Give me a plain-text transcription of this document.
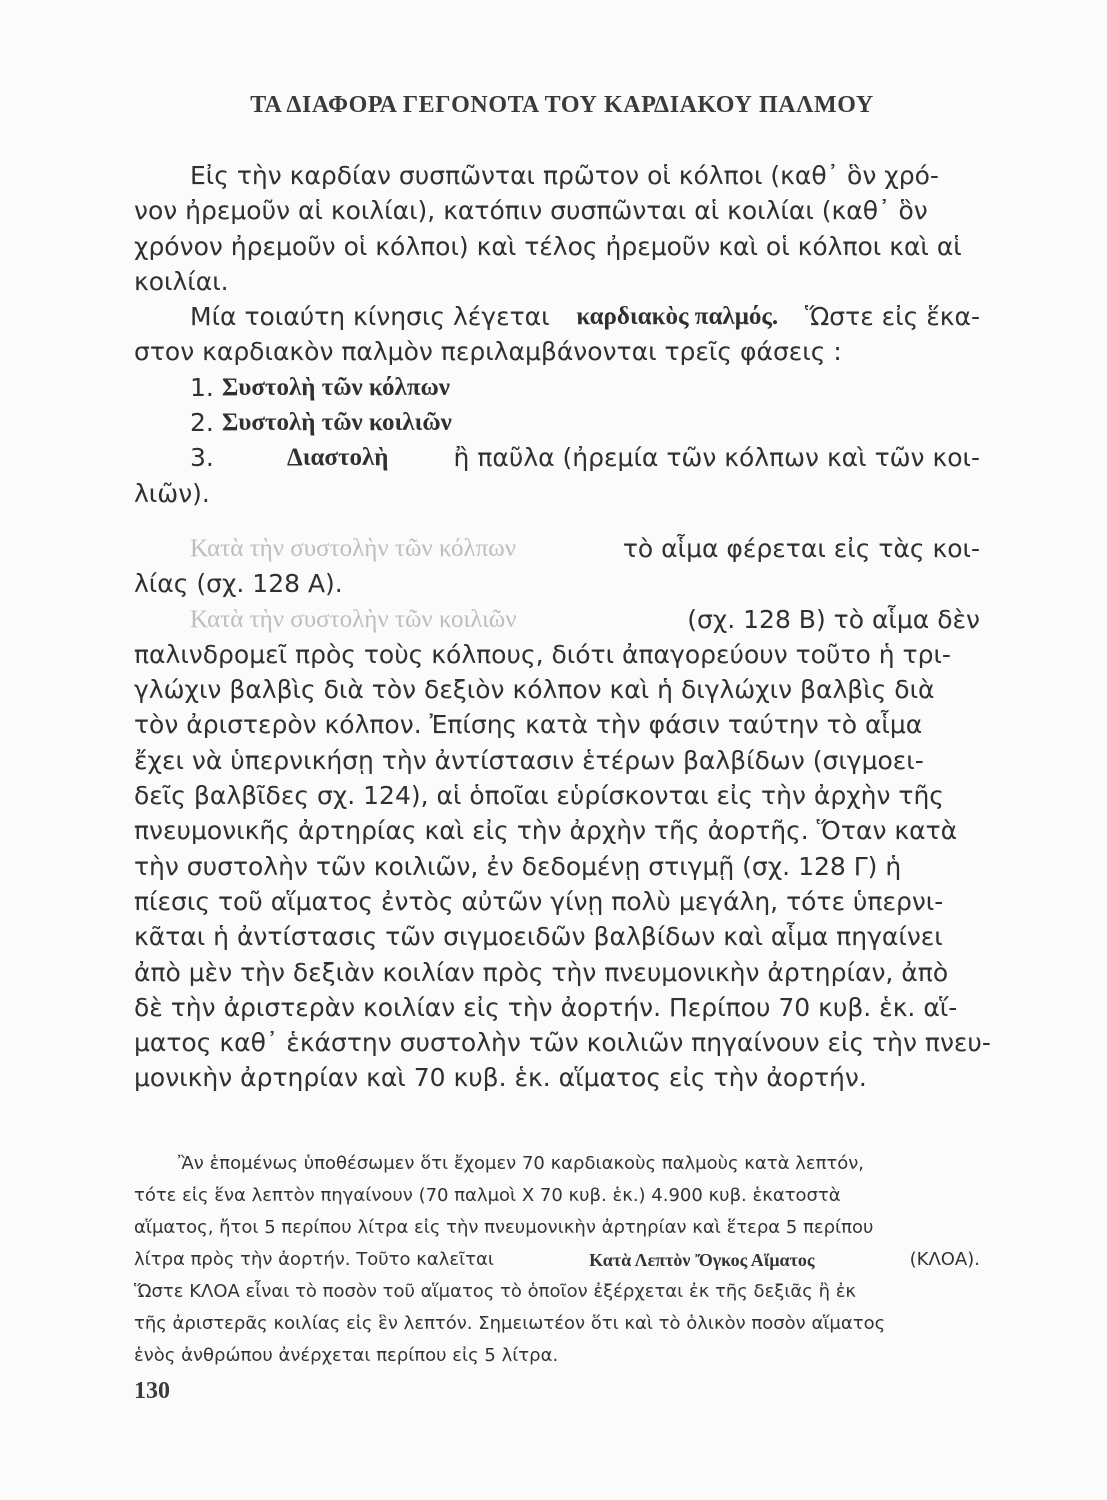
ΤΑ ΔΙΑΦΟΡΑ ΓΕΓΟΝΟΤΑ ΤΟΥ ΚΑΡΔΙΑΚΟΥ ΠΑΛΜΟΥ
Εἰς τὴν καρδίαν συσπῶνται πρῶτον οἱ κόλποι (καθ᾿ ὃν χρό-
νον ἠρεμοῦν αἱ κοιλίαι), κατόπιν συσπῶνται αἱ κοιλίαι (καθ᾿ ὃν
χρόνον ἠρεμοῦν οἱ κόλποι) καὶ τέλος ἠρεμοῦν καὶ οἱ κόλποι καὶ αἱ
κοιλίαι.
Μία τοιαύτη κίνησις λέγεται καρδιακὸς παλμός. Ὥστε εἰς ἕκα-
στον καρδιακὸν παλμὸν περιλαμβάνονται τρεῖς φάσεις :
1. Συστολὴ τῶν κόλπων
2. Συστολὴ τῶν κοιλιῶν
3.	Διαστολὴ	ἢ παῦλα (ἠρεμία τῶν κόλπων καὶ τῶν κοι-
λιῶν).
Κατὰ τὴν συστολὴν τῶν κόλπων	τὸ αἷμα φέρεται εἰς τὰς κοι-
λίας (σχ. 128 Α).
Κατὰ τὴν συστολὴν τῶν κοιλιῶν	(σχ. 128 Β) τὸ αἷμα δὲν
παλινδρομεῖ πρὸς τοὺς κόλπους, διότι ἀπαγορεύουν τοῦτο ἡ τρι-
γλώχιν βαλβὶς διὰ τὸν δεξιὸν κόλπον καὶ ἡ διγλώχιν βαλβὶς διὰ
τὸν ἀριστερὸν κόλπον. Ἐπίσης κατὰ τὴν φάσιν ταύτην τὸ αἷμα
ἔχει νὰ ὑπερνικήσῃ τὴν ἀντίστασιν ἑτέρων βαλβίδων (σιγμοει-
δεῖς βαλβῖδες σχ. 124), αἱ ὁποῖαι εὑρίσκονται εἰς τὴν ἀρχὴν τῆς
πνευμονικῆς ἀρτηρίας καὶ εἰς τὴν ἀρχὴν τῆς ἀορτῆς. Ὅταν κατὰ
τὴν συστολὴν τῶν κοιλιῶν, ἐν δεδομένῃ στιγμῇ (σχ. 128 Γ) ἡ
πίεσις τοῦ αἵματος ἐντὸς αὐτῶν γίνῃ πολὺ μεγάλη, τότε ὑπερνι-
κᾶται ἡ ἀντίστασις τῶν σιγμοειδῶν βαλβίδων καὶ αἷμα πηγαίνει
ἀπὸ μὲν τὴν δεξιὰν κοιλίαν πρὸς τὴν πνευμονικὴν ἀρτηρίαν, ἀπὸ
δὲ τὴν ἀριστερὰν κοιλίαν εἰς τὴν ἀορτήν. Περίπου 70 κυβ. ἑκ. αἵ-
ματος καθ᾿ ἑκάστην συστολὴν τῶν κοιλιῶν πηγαίνουν εἰς τὴν πνευ-
μονικὴν ἀρτηρίαν καὶ 70 κυβ. ἑκ. αἵματος εἰς τὴν ἀορτήν.
Ἂν ἑπομένως ὑποθέσωμεν ὅτι ἔχομεν 70 καρδιακοὺς παλμοὺς κατὰ λεπτόν,
τότε εἰς ἕνα λεπτὸν πηγαίνουν (70 παλμοὶ Χ 70 κυβ. ἑκ.) 4.900 κυβ. ἑκατοστὰ
αἵματος, ἤτοι 5 περίπου λίτρα εἰς τὴν πνευμονικὴν ἀρτηρίαν καὶ ἕτερα 5 περίπου
λίτρα πρὸς τὴν ἀορτήν. Τοῦτο καλεῖται	Κατὰ Λεπτὸν Ὄγκος Αἵματος	(ΚΛΟΑ).
Ὥστε ΚΛΟΑ εἶναι τὸ ποσὸν τοῦ αἵματος τὸ ὁποῖον ἐξέρχεται ἐκ τῆς δεξιᾶς ἢ ἐκ
τῆς ἀριστερᾶς κοιλίας εἰς ἓν λεπτόν. Σημειωτέον ὅτι καὶ τὸ ὁλικὸν ποσὸν αἵματος
ἑνὸς ἀνθρώπου ἀνέρχεται περίπου εἰς 5 λίτρα.
130
